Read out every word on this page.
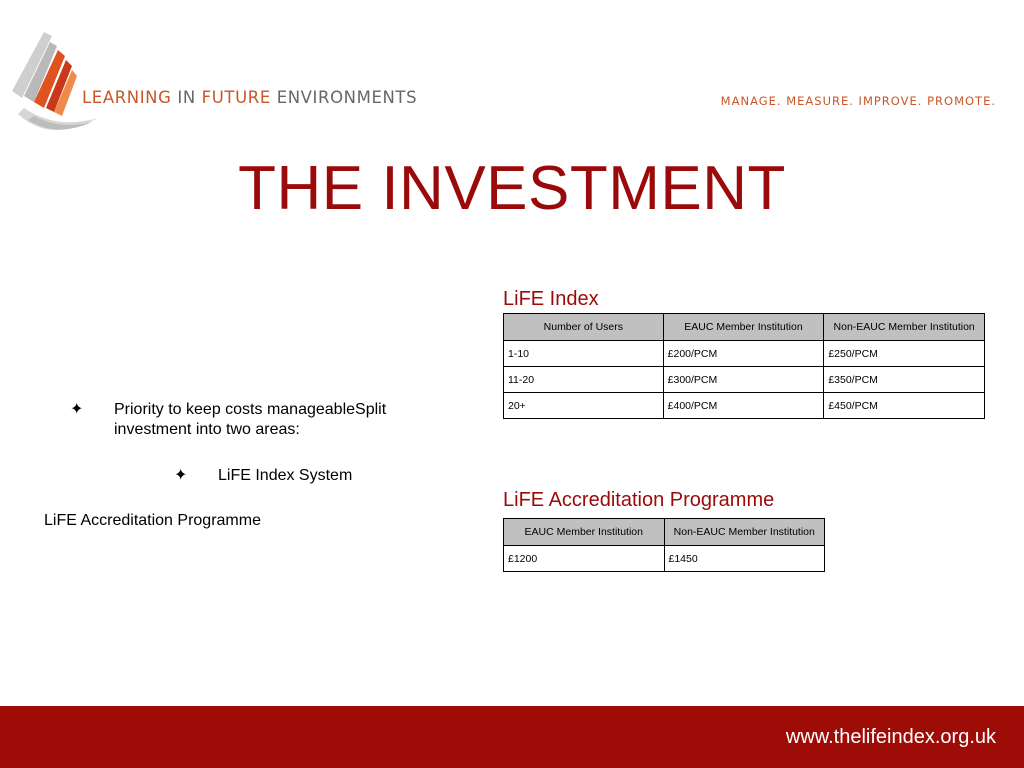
LEARNING IN FUTURE ENVIRONMENTS	MANAGE. MEASURE. IMPROVE. PROMOTE.
THE INVESTMENT
✦ Priority to keep costs manageableSplit investment into two areas:
✦ LiFE Index System
LiFE Accreditation Programme
LiFE Index
Number of Users	EAUC Member Institution	Non-EAUC Member Institution
1-10	£200/PCM	£250/PCM
11-20	£300/PCM	£350/PCM
20+	£400/PCM	£450/PCM
LiFE Accreditation Programme
EAUC Member Institution	Non-EAUC Member Institution
£1200	£1450
www.thelifeindex.org.uk
